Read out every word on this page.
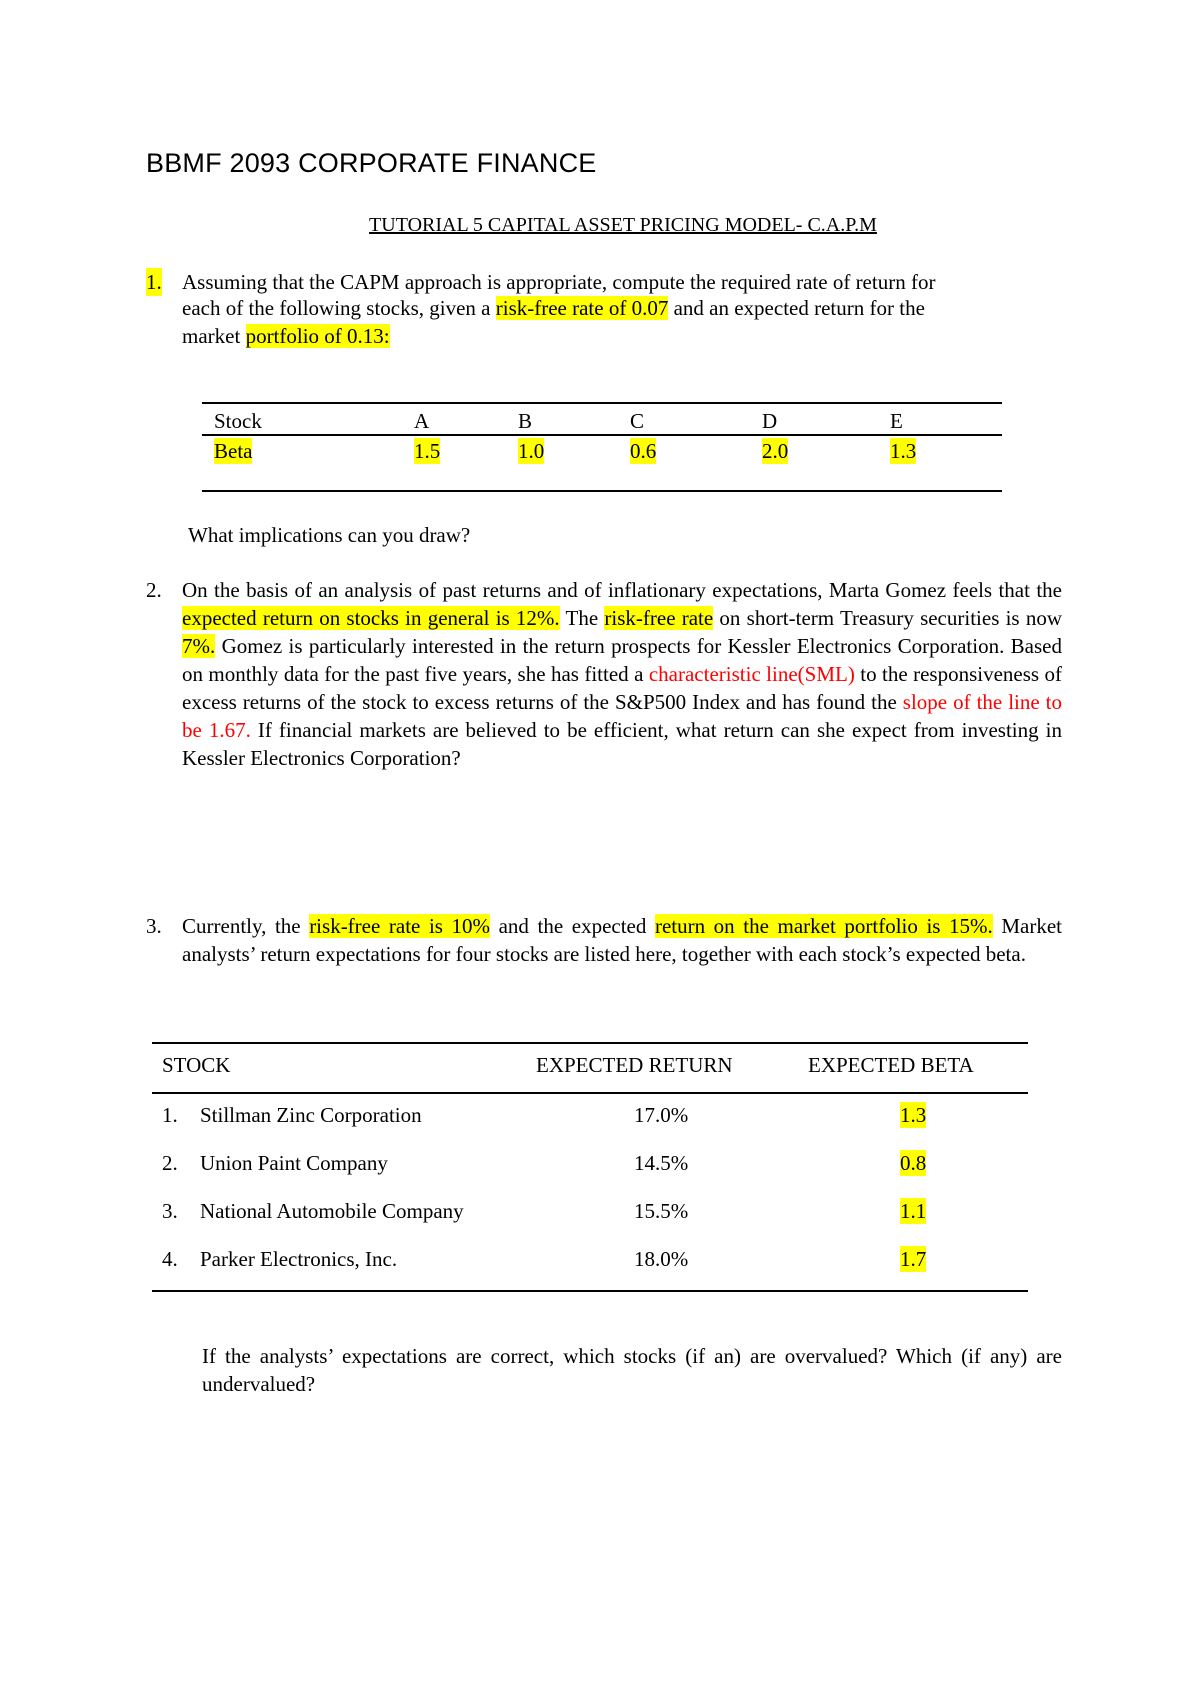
BBMF 2093 CORPORATE FINANCE
TUTORIAL 5 CAPITAL ASSET PRICING MODEL- C.A.P.M
1. Assuming that the CAPM approach is appropriate, compute the required rate of return for
each of the following stocks, given a risk-free rate of 0.07 and an expected return for the
market portfolio of 0.13:
Stock	A	B	C	D	E
Beta	1.5	1.0	0.6	2.0	1.3
What implications can you draw?
2. On the basis of an analysis of past returns and of inflationary expectations, Marta Gomez feels that the expected return on stocks in general is 12%. The risk-free rate on short-term Treasury securities is now 7%. Gomez is particularly interested in the return prospects for Kessler Electronics Corporation. Based on monthly data for the past five years, she has fitted a characteristic line(SML) to the responsiveness of excess returns of the stock to excess returns of the S&P500 Index and has found the slope of the line to be 1.67. If financial markets are believed to be efficient, what return can she expect from investing in Kessler Electronics Corporation?
3. Currently, the risk-free rate is 10% and the expected return on the market portfolio is 15%. Market analysts’ return expectations for four stocks are listed here, together with each stock’s expected beta.
STOCK	EXPECTED RETURN	EXPECTED BETA
1. Stillman Zinc Corporation	17.0%	1.3
2. Union Paint Company	14.5%	0.8
3. National Automobile Company	15.5%	1.1
4. Parker Electronics, Inc.	18.0%	1.7
If the analysts’ expectations are correct, which stocks (if an) are overvalued? Which (if any) are undervalued?
